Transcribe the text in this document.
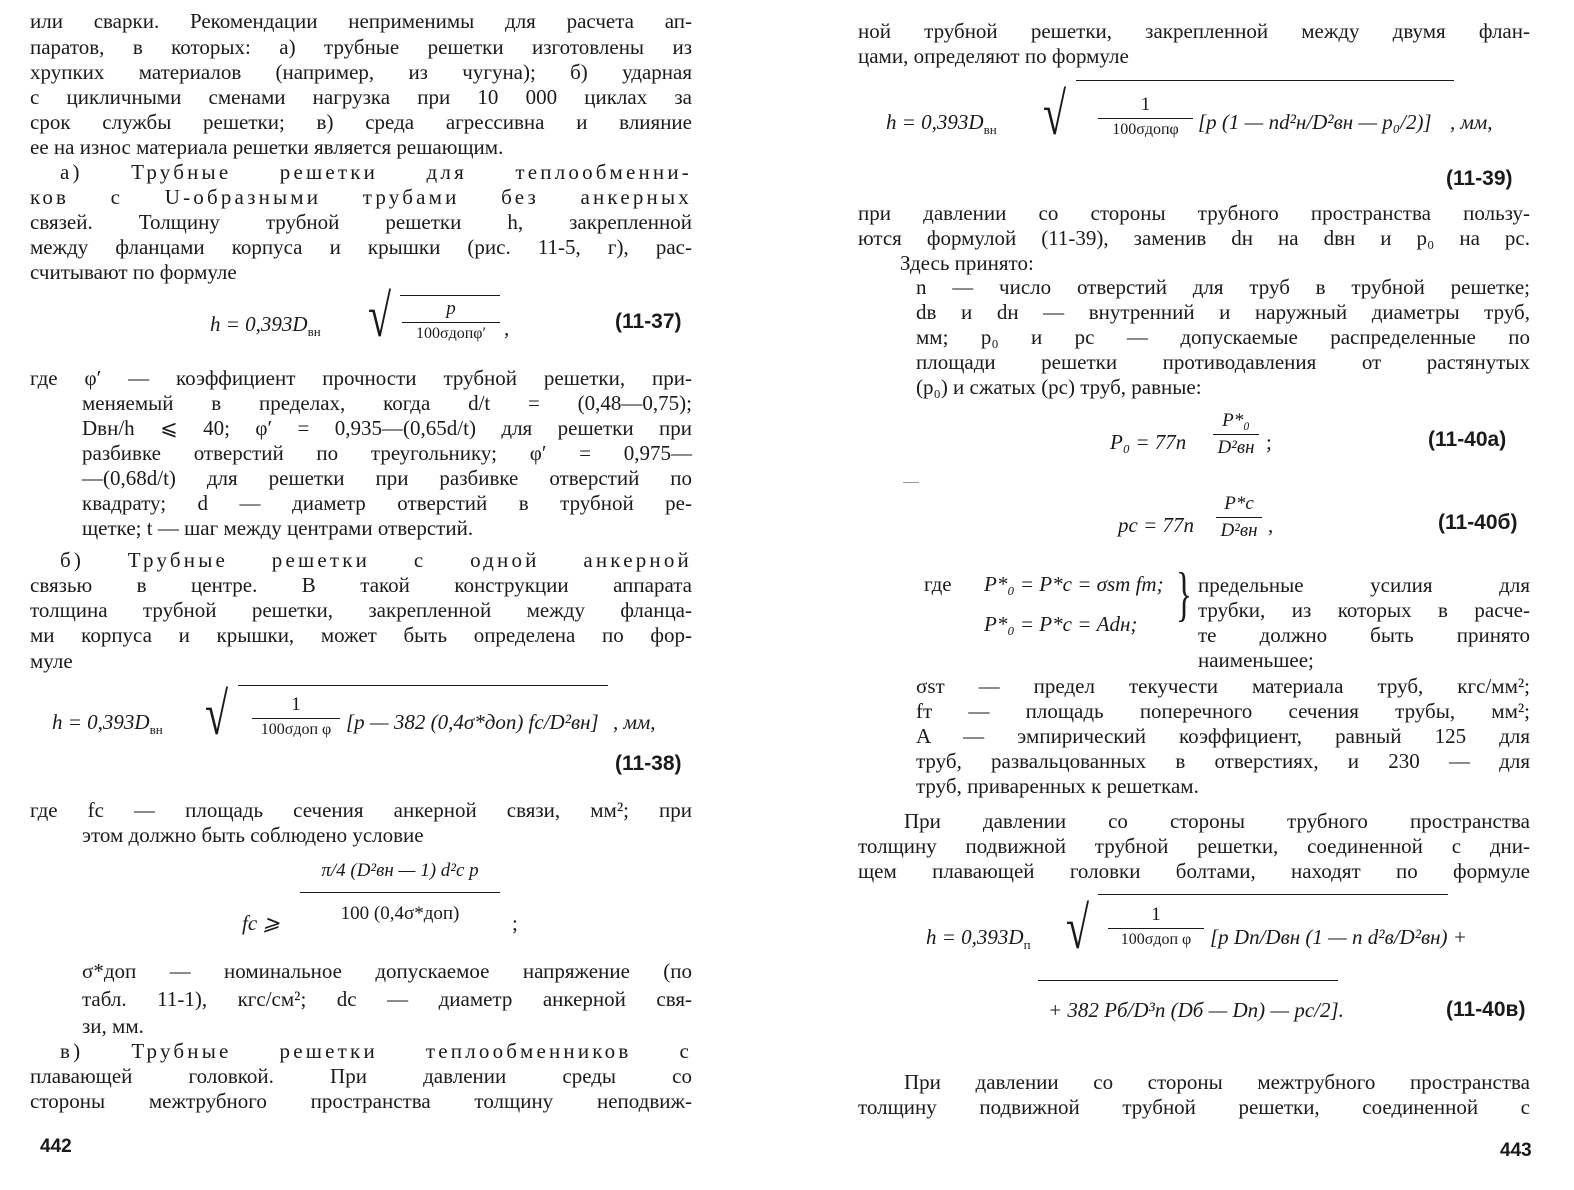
или сварки. Рекомендации неприменимы для расчета ап-
паратов, в которых: а) трубные решетки изготовлены из
хрупких материалов (например, из чугуна); б) ударная
с цикличными сменами нагрузка при 10 000 циклах за
срок службы решетки; в) среда агрессивна и влияние
ее на износ материала решетки является решающим.
а) Трубные решетки для теплообменни-
ков с U-образными трубами без анкерных
связей. Толщину трубной решетки h, закрепленной
между фланцами корпуса и крышки (рис. 11-5, г), рас-
считывают по формуле
$h = 0,393D_{вн}$ √	p
100σдопφ′ ,	(11-37)
где φ′ — коэффициент прочности трубной решетки, при-
меняемый в пределах, когда d/t = (0,48—0,75);
Dвн/h ⩽ 40; φ′ = 0,935—(0,65d/t) для решетки при
разбивке отверстий по треугольнику; φ′ = 0,975—
—(0,68d/t) для решетки при разбивке отверстий по
квадрату; d — диаметр отверстий в трубной ре-
щетке; t — шаг между центрами отверстий.
б) Трубные решетки с одной анкерной
связью в центре. В такой конструкции аппарата
толщина трубной решетки, закрепленной между фланца-
ми корпуса и крышки, может быть определена по фор-
муле
$h = 0,393D_{вн}$ √	1
100σдоп φ [p — 382 (0,4σ*доп) fс/D²вн] , мм,
(11-38)
где fс — площадь сечения анкерной связи, мм²; при
этом должно быть соблюдено условие
fс ⩾
π/4 (D²вн — 1) d²с p
100 (0,4σ*доп)	;
σ*доп — номинальное допускаемое напряжение (по
табл. 11-1), кгс/см²; dс — диаметр анкерной свя-
зи, мм.
в) Трубные решетки теплообменников с
плавающей головкой. При давлении среды со
стороны межтрубного пространства толщину неподвиж-
442
ной трубной решетки, закрепленной между двумя флан-
цами, определяют по формуле
$h = 0,393D_{вн}$ √	1
100σдопφ [p (1 — nd²н/D²вн — p₀/2)] , мм,
(11-39)
при давлении со стороны трубного пространства пользу-
ются формулой (11-39), заменив dн на dвн и p₀ на pс.
Здесь принято:
n — число отверстий для труб в трубной решетке;
dв и dн — внутренний и наружный диаметры труб,
мм; p₀ и pс — допускаемые распределенные по
площади решетки противодавления от растянутых
(p₀) и сжатых (pс) труб, равные:
P₀ = 77n
P*₀
D²вн ;	(11-40а)
pс = 77n
P*с
D²вн ,	(11-40б)
где P*₀ = P*с = σsт fт;
P*₀ = P*с = Adн; } предельные усилия для
трубки, из которых в расче-
те должно быть принято
наименьшее;
σsт — предел текучести материала труб, кгс/мм²;
fт — площадь поперечного сечения трубы, мм²;
A — эмпирический коэффициент, равный 125 для
труб, развальцованных в отверстиях, и 230 — для
труб, приваренных к решеткам.
При давлении со стороны трубного пространства
толщину подвижной трубной решетки, соединенной с дни-
щем плавающей головки болтами, находят по формуле
$h = 0,393D_п$ √	1
100σдоп φ [p Dп/Dвн (1 — n d²в/D²вн) +
+ 382 Pб/D³п (Dб — Dп) — pс/2].	(11-40в)
При давлении со стороны межтрубного пространства
толщину подвижной трубной решетки, соединенной с
443
